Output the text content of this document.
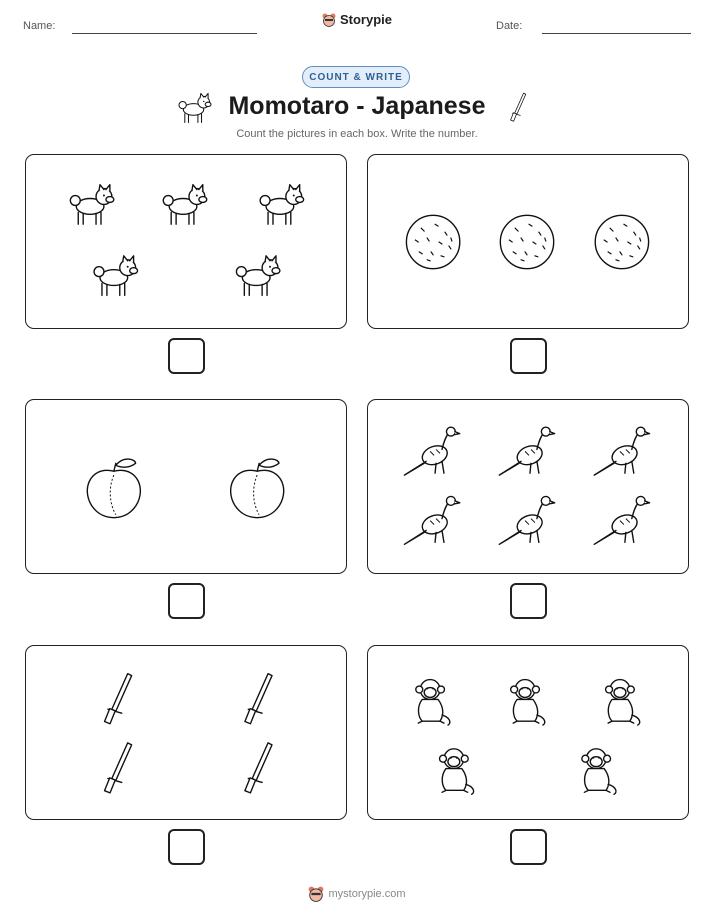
Name:	Storypie	Date:
COUNT & WRITE
Momotaro - Japanese
Count the pictures in each box. Write the number.
mystorypie.com
